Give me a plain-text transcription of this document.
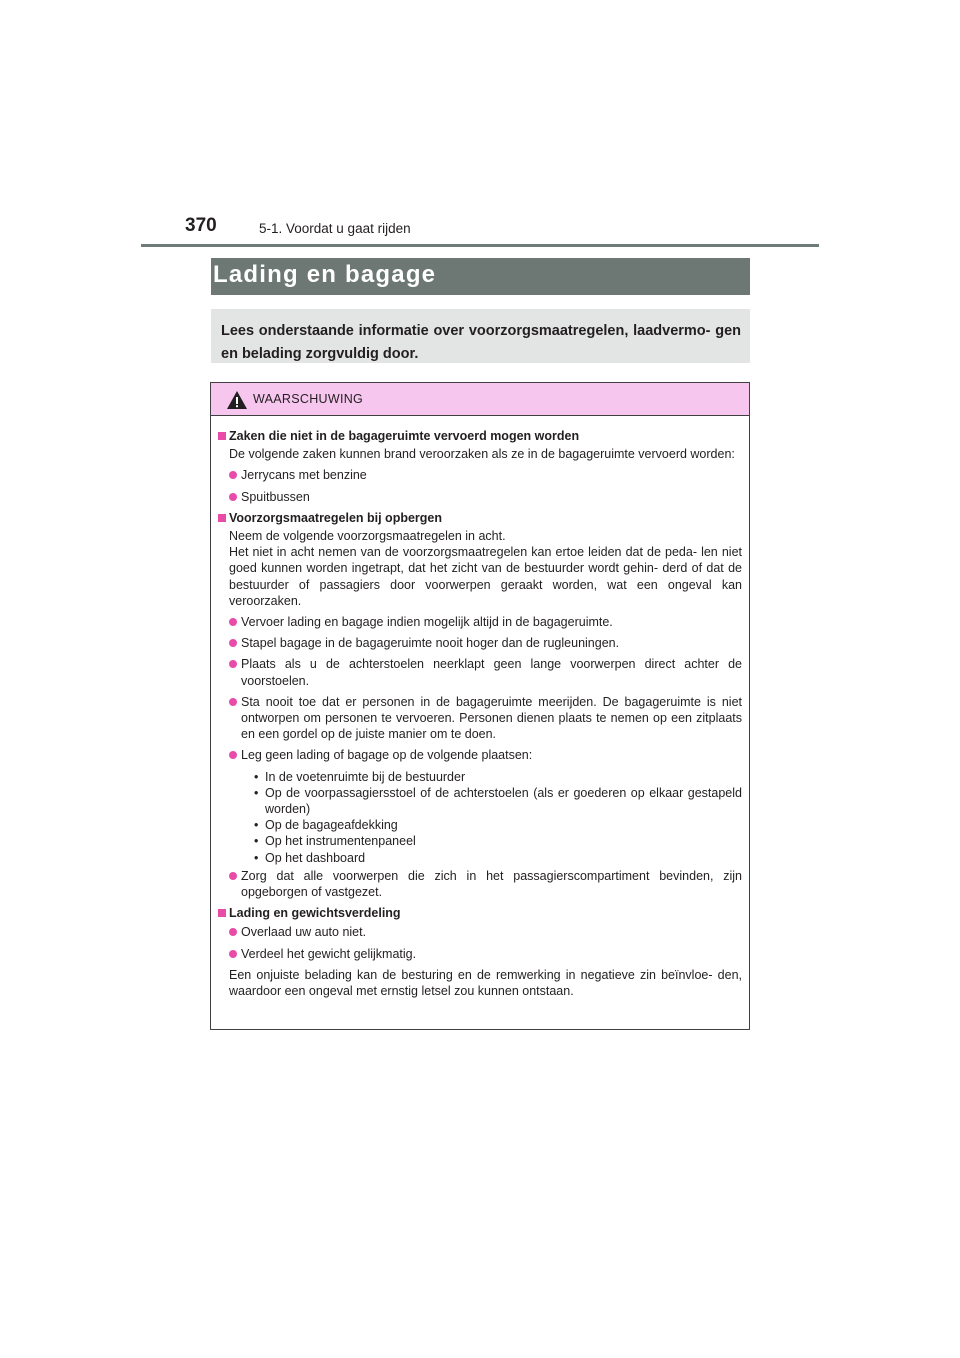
370	5-1. Voordat u gaat rijden
Lading en bagage
Lees onderstaande informatie over voorzorgsmaatregelen, laadvermo- gen en belading zorgvuldig door.
WAARSCHUWING
Zaken die niet in de bagageruimte vervoerd mogen worden
De volgende zaken kunnen brand veroorzaken als ze in de bagageruimte vervoerd worden:
Jerrycans met benzine
Spuitbussen
Voorzorgsmaatregelen bij opbergen
Neem de volgende voorzorgsmaatregelen in acht.
Het niet in acht nemen van de voorzorgsmaatregelen kan ertoe leiden dat de peda- len niet goed kunnen worden ingetrapt, dat het zicht van de bestuurder wordt gehin- derd of dat de bestuurder of passagiers door voorwerpen geraakt worden, wat een ongeval kan veroorzaken.
Vervoer lading en bagage indien mogelijk altijd in de bagageruimte.
Stapel bagage in de bagageruimte nooit hoger dan de rugleuningen.
Plaats als u de achterstoelen neerklapt geen lange voorwerpen direct achter de voorstoelen.
Sta nooit toe dat er personen in de bagageruimte meerijden. De bagageruimte is niet ontworpen om personen te vervoeren. Personen dienen plaats te nemen op een zitplaats en een gordel op de juiste manier om te doen.
Leg geen lading of bagage op de volgende plaatsen:
• In de voetenruimte bij de bestuurder
• Op de voorpassagiersstoel of de achterstoelen (als er goederen op elkaar gestapeld worden)
• Op de bagageafdekking
• Op het instrumentenpaneel
• Op het dashboard
Zorg dat alle voorwerpen die zich in het passagierscompartiment bevinden, zijn opgeborgen of vastgezet.
Lading en gewichtsverdeling
Overlaad uw auto niet.
Verdeel het gewicht gelijkmatig.
Een onjuiste belading kan de besturing en de remwerking in negatieve zin beïnvloe- den, waardoor een ongeval met ernstig letsel zou kunnen ontstaan.
